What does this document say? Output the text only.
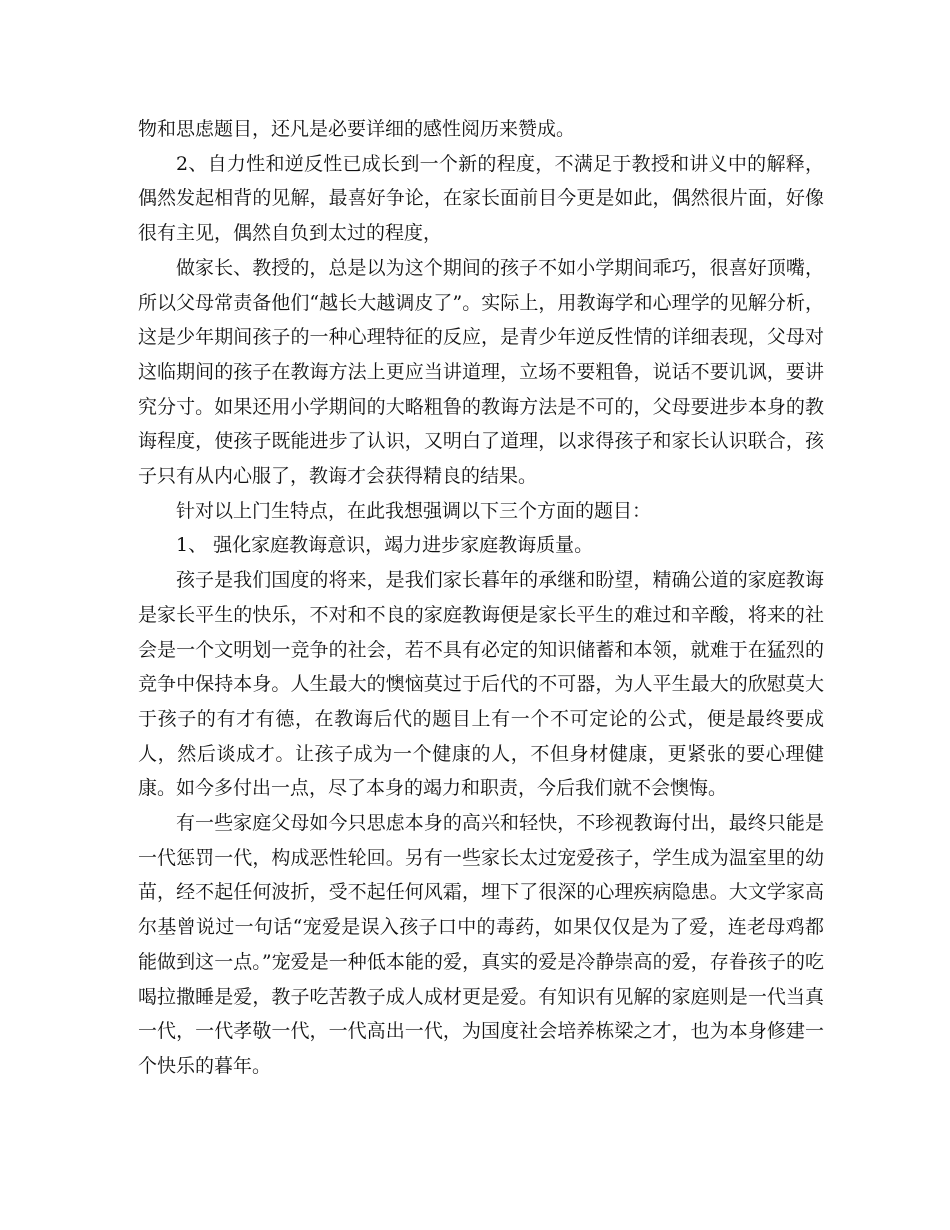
物和思虑题目，还凡是必要详细的感性阅历来赞成。

2、自力性和逆反性已成长到一个新的程度，不满足于教授和讲义中的解释，偶然发起相背的见解，最喜好争论，在家长面前目今更是如此，偶然很片面，好像很有主见，偶然自负到太过的程度，

做家长、教授的，总是以为这个期间的孩子不如小学期间乖巧，很喜好顶嘴，所以父母常责备他们“越长大越调皮了”。实际上，用教诲学和心理学的见解分析，这是少年期间孩子的一种心理特征的反应，是青少年逆反性情的详细表现，父母对这临期间的孩子在教诲方法上更应当讲道理，立场不要粗鲁，说话不要讥讽，要讲究分寸。如果还用小学期间的大略粗鲁的教诲方法是不可的，父母要进步本身的教诲程度，使孩子既能进步了认识，又明白了道理，以求得孩子和家长认识联合，孩子只有从内心服了，教诲才会获得精良的结果。

针对以上门生特点，在此我想强调以下三个方面的题目：

1、 强化家庭教诲意识，竭力进步家庭教诲质量。

孩子是我们国度的将来，是我们家长暮年的承继和盼望，精确公道的家庭教诲是家长平生的快乐，不对和不良的家庭教诲便是家长平生的难过和辛酸，将来的社会是一个文明划一竞争的社会，若不具有必定的知识储蓄和本领，就难于在猛烈的竞争中保持本身。人生最大的懊恼莫过于后代的不可器，为人平生最大的欣慰莫大于孩子的有才有德，在教诲后代的题目上有一个不可定论的公式，便是最终要成人，然后谈成才。让孩子成为一个健康的人，不但身材健康，更紧张的要心理健康。如今多付出一点，尽了本身的竭力和职责，今后我们就不会懊悔。

有一些家庭父母如今只思虑本身的高兴和轻快，不珍视教诲付出，最终只能是一代惩罚一代，构成恶性轮回。另有一些家长太过宠爱孩子，学生成为温室里的幼苗，经不起任何波折，受不起任何风霜，埋下了很深的心理疾病隐患。大文学家高尔基曾说过一句话“宠爱是误入孩子口中的毒药，如果仅仅是为了爱，连老母鸡都能做到这一点。”宠爱是一种低本能的爱，真实的爱是冷静崇高的爱，存眷孩子的吃喝拉撒睡是爱，教子吃苦教子成人成材更是爱。有知识有见解的家庭则是一代当真一代，一代孝敬一代，一代高出一代，为国度社会培养栋梁之才，也为本身修建一个快乐的暮年。
